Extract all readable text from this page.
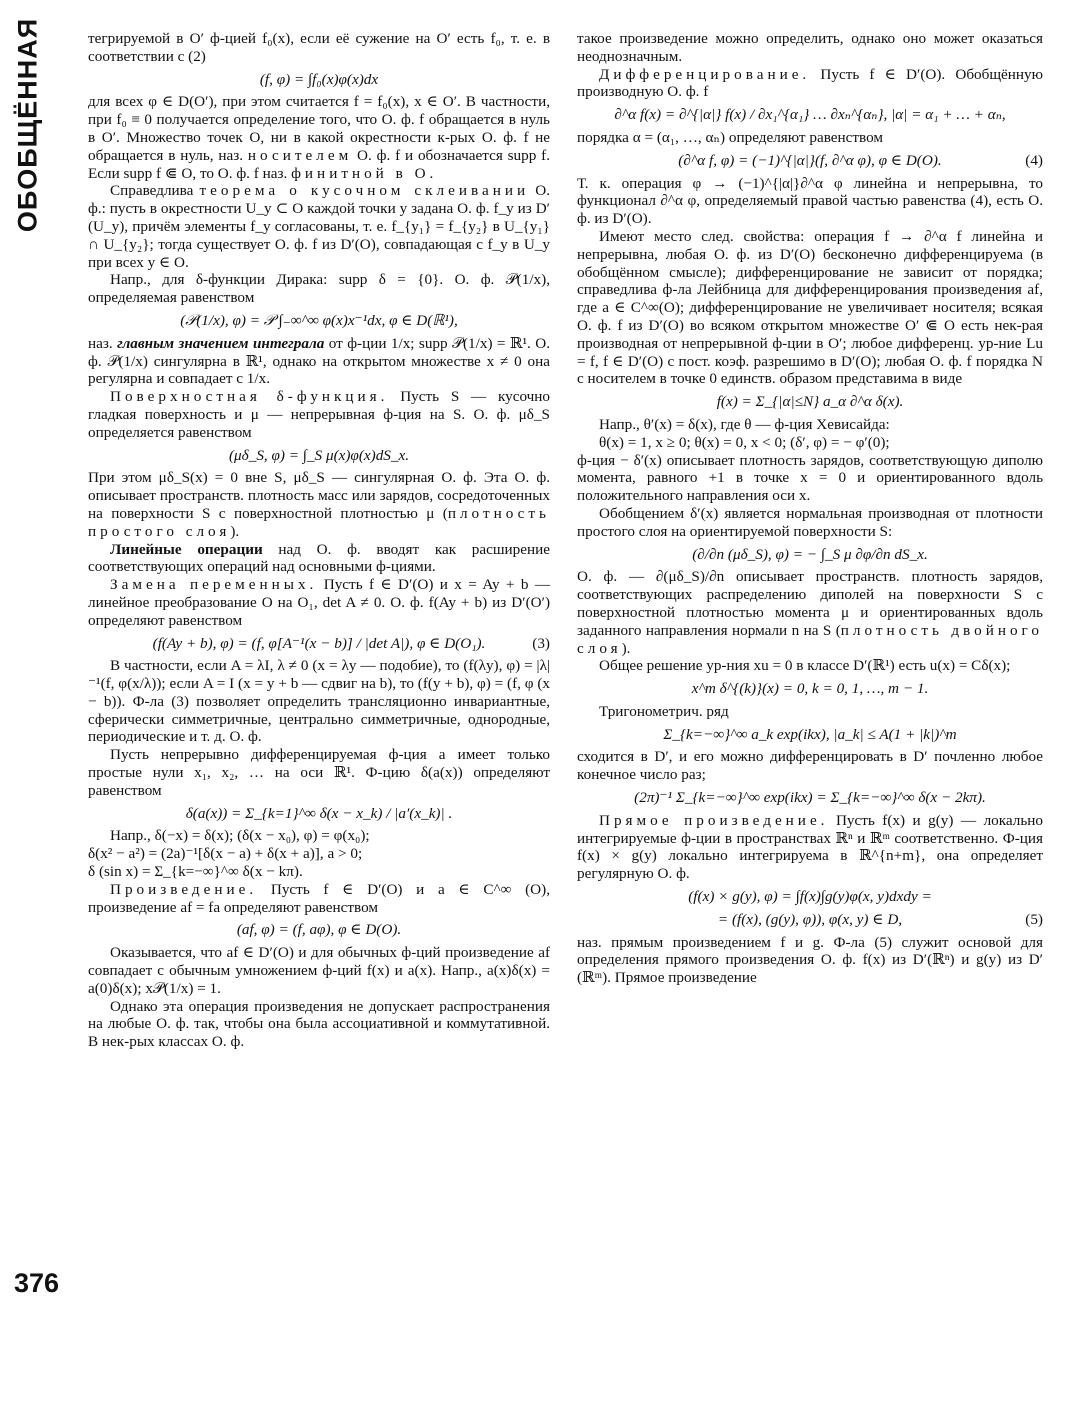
ОБОБЩЁННАЯ
376

тегрируемой в O′ ф-цией f₀(x), если её сужение на O′ есть f₀, т. е. в соответствии с (2)

(f, φ) = ∫f₀(x)φ(x)dx

для всех φ ∈ D(O′), при этом считается f = f₀(x), x ∈ O′. В частности, при f₀ ≡ 0 получается определение того, что О. ф. f обращается в нуль в O′. Множество точек O, ни в какой окрестности к-рых О. ф. f не обращается в нуль, наз. носителем О. ф. f и обозначается supp f. Если supp f ⋐ O, то О. ф. f наз. финитной в O.

Справедлива теорема о кусочном склеивании О. ф.: пусть в окрестности U_y ⊂ O каждой точки y задана О. ф. f_y из D′(U_y), причём элементы f_y согласованы, т. е. f_{y₁} = f_{y₂} в U_{y₁} ∩ U_{y₂}; тогда существует О. ф. f из D′(O), совпадающая с f_y в U_y при всех y ∈ O.

Напр., для δ-функции Дирака: supp δ = {0}. О. ф. 𝒫(1/x), определяемая равенством

(𝒫(1/x), φ) = 𝒫 ∫₋∞^∞ φ(x)x⁻¹dx, φ ∈ D(ℝ¹),

наз. главным значением интеграла от ф-ции 1/x; supp 𝒫(1/x) = ℝ¹. О. ф. 𝒫(1/x) сингулярна в ℝ¹, однако на открытом множестве x ≠ 0 она регулярна и совпадает с 1/x.

Поверхностная δ-функция. Пусть S — кусочно гладкая поверхность и μ — непрерывная ф-ция на S. О. ф. μδ_S определяется равенством

(μδ_S, φ) = ∫_S μ(x)φ(x)dS_x.

При этом μδ_S(x) = 0 вне S, μδ_S — сингулярная О. ф. Эта О. ф. описывает пространств. плотность масс или зарядов, сосредоточенных на поверхности S с поверхностной плотностью μ (плотность простого слоя).

Линейные операции над О. ф. вводят как расширение соответствующих операций над основными ф-циями.

Замена переменных. Пусть f ∈ D′(O) и x = Ay + b — линейное преобразование O на O₁, det A ≠ 0. О. ф. f(Ay + b) из D′(O′) определяют равенством

(f(Ay + b), φ) = (f, φ[A⁻¹(x − b)] / |det A|), φ ∈ D(O₁).	(3)

В частности, если A = λI, λ ≠ 0 (x = λy — подобие), то (f(λy), φ) = |λ|⁻¹(f, φ(x/λ)); если A = I (x = y + b — сдвиг на b), то (f(y + b), φ) = (f, φ (x − b)). Ф-ла (3) позволяет определить трансляционно инвариантные, сферически симметричные, центрально симметричные, однородные, периодические и т. д. О. ф.

Пусть непрерывно дифференцируемая ф-ция a имеет только простые нули x₁, x₂, … на оси ℝ¹. Ф-цию δ(a(x)) определяют равенством

δ(a(x)) = Σ_{k=1}^∞ δ(x − x_k) / |a′(x_k)| .

Напр., δ(−x) = δ(x); (δ(x − x₀), φ) = φ(x₀);

δ(x² − a²) = (2a)⁻¹[δ(x − a) + δ(x + a)], a > 0;

δ (sin x) = Σ_{k=−∞}^∞ δ(x − kπ).

Произведение. Пусть f ∈ D′(O) и a ∈ C^∞ (O), произведение af = fa определяют равенством

(af, φ) = (f, aφ), φ ∈ D(O).

Оказывается, что af ∈ D′(O) и для обычных ф-ций произведение af совпадает с обычным умножением ф-ций f(x) и a(x). Напр., a(x)δ(x) = a(0)δ(x); x𝒫(1/x) = 1.

Однако эта операция произведения не допускает распространения на любые О. ф. так, чтобы она была ассоциативной и коммутативной. В нек-рых классах О. ф.

такое произведение можно определить, однако оно может оказаться неоднозначным.

Дифференцирование. Пусть f ∈ D′(O). Обобщённую производную О. ф. f

∂^α f(x) = ∂^{|α|} f(x) / ∂x₁^{α₁} … ∂xₙ^{αₙ}, |α| = α₁ + … + αₙ,

порядка α = (α₁, …, αₙ) определяют равенством

(∂^α f, φ) = (−1)^{|α|}(f, ∂^α φ), φ ∈ D(O).	(4)

Т. к. операция φ → (−1)^{|α|}∂^α φ линейна и непрерывна, то функционал ∂^α φ, определяемый правой частью равенства (4), есть О. ф. из D′(O).

Имеют место след. свойства: операция f → ∂^α f линейна и непрерывна, любая О. ф. из D′(O) бесконечно дифференцируема (в обобщённом смысле); дифференцирование не зависит от порядка; справедлива ф-ла Лейбница для дифференцирования произведения af, где a ∈ C^∞(O); дифференцирование не увеличивает носителя; всякая О. ф. f из D′(O) во всяком открытом множестве O′ ⋐ O есть нек-рая производная от непрерывной ф-ции в O′; любое дифференц. ур-ние Lu = f, f ∈ D′(O) с пост. коэф. разрешимо в D′(O); любая О. ф. f порядка N с носителем в точке 0 единств. образом представима в виде

f(x) = Σ_{|α|≤N} a_α ∂^α δ(x).

Напр., θ′(x) = δ(x), где θ — ф-ция Хевисайда:

θ(x) = 1, x ≥ 0; θ(x) = 0, x < 0; (δ′, φ) = − φ′(0);

ф-ция − δ′(x) описывает плотность зарядов, соответствующую диполю момента, равного +1 в точке x = 0 и ориентированного вдоль положительного направления оси x.

Обобщением δ′(x) является нормальная производная от плотности простого слоя на ориентируемой поверхности S:

(∂/∂n (μδ_S), φ) = − ∫_S μ ∂φ/∂n dS_x.

О. ф. — ∂(μδ_S)/∂n описывает пространств. плотность зарядов, соответствующих распределению диполей на поверхности S с поверхностной плотностью момента μ и ориентированных вдоль заданного направления нормали n на S (плотность двойного слоя).

Общее решение ур-ния xu = 0 в классе D′(ℝ¹) есть u(x) = Cδ(x);

x^m δ^{(k)}(x) = 0, k = 0, 1, …, m − 1.

Тригонометрич. ряд

Σ_{k=−∞}^∞ a_k exp(ikx), |a_k| ≤ A(1 + |k|)^m

сходится в D′, и его можно дифференцировать в D′ почленно любое конечное число раз;

(2π)⁻¹ Σ_{k=−∞}^∞ exp(ikx) = Σ_{k=−∞}^∞ δ(x − 2kπ).

Прямое произведение. Пусть f(x) и g(y) — локально интегрируемые ф-ции в пространствах ℝⁿ и ℝᵐ соответственно. Ф-ция f(x) × g(y) локально интегрируема в ℝ^{n+m}, она определяет регулярную О. ф.

(f(x) × g(y), φ) = ∫f(x)∫g(y)φ(x, y)dxdy =
= (f(x), (g(y), φ)), φ(x, y) ∈ D,	(5)

наз. прямым произведением f и g. Ф-ла (5) служит основой для определения прямого произведения О. ф. f(x) из D′(ℝⁿ) и g(y) из D′(ℝᵐ). Прямое произведение
